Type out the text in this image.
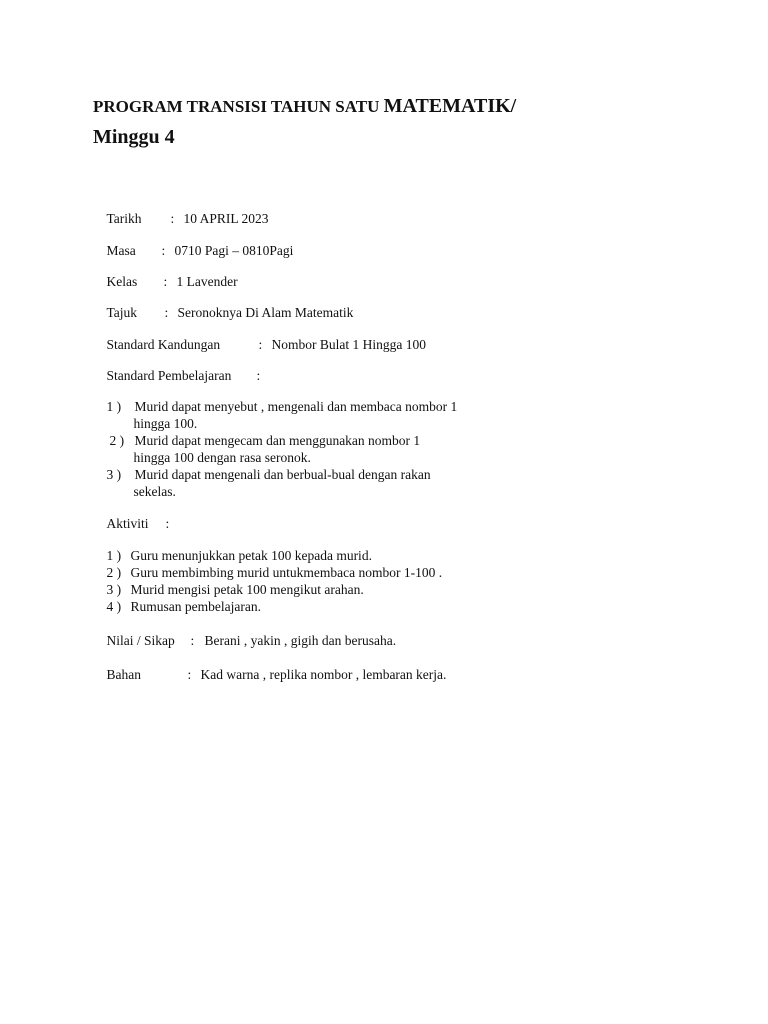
PROGRAM TRANSISI TAHUN SATU MATEMATIK/
Minggu 4

Tarikh : 10 APRIL 2023

Masa : 0710 Pagi – 0810Pagi

Kelas : 1 Lavender

Tajuk : Seronoknya Di Alam Matematik

Standard Kandungan	: Nombor Bulat 1 Hingga 100

Standard Pembelajaran :

1 ) Murid dapat menyebut , mengenali dan membaca nombor 1

hingga 100.

2 ) Murid dapat mengecam dan menggunakan nombor 1

hingga 100 dengan rasa seronok.

3 ) Murid dapat mengenali dan berbual-bual dengan rakan

sekelas.

Aktiviti :

1 ) Guru menunjukkan petak 100 kepada murid.

2 ) Guru membimbing murid untukmembaca nombor 1-100 .

3 ) Murid mengisi petak 100 mengikut arahan.

4 ) Rumusan pembelajaran.

Nilai / Sikap : Berani , yakin , gigih dan berusaha.

Bahan	: Kad warna , replika nombor , lembaran kerja.
